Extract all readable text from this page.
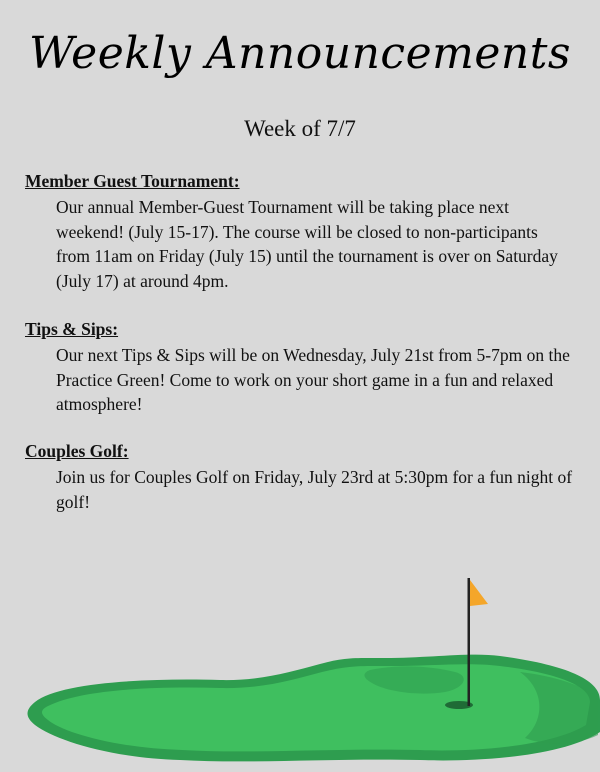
Weekly Announcements
Week of 7/7

Member Guest Tournament:

Our annual Member-Guest Tournament will be taking place next weekend! (July 15-17). The course will be closed to non-participants from 11am on Friday (July 15) until the tournament is over on Saturday (July 17) at around 4pm.

Tips & Sips:

Our next Tips & Sips will be on Wednesday, July 21st from 5-7pm on the Practice Green! Come to work on your short game in a fun and relaxed atmosphere!

Couples Golf:

Join us for Couples Golf on Friday, July 23rd at 5:30pm for a fun night of golf!
